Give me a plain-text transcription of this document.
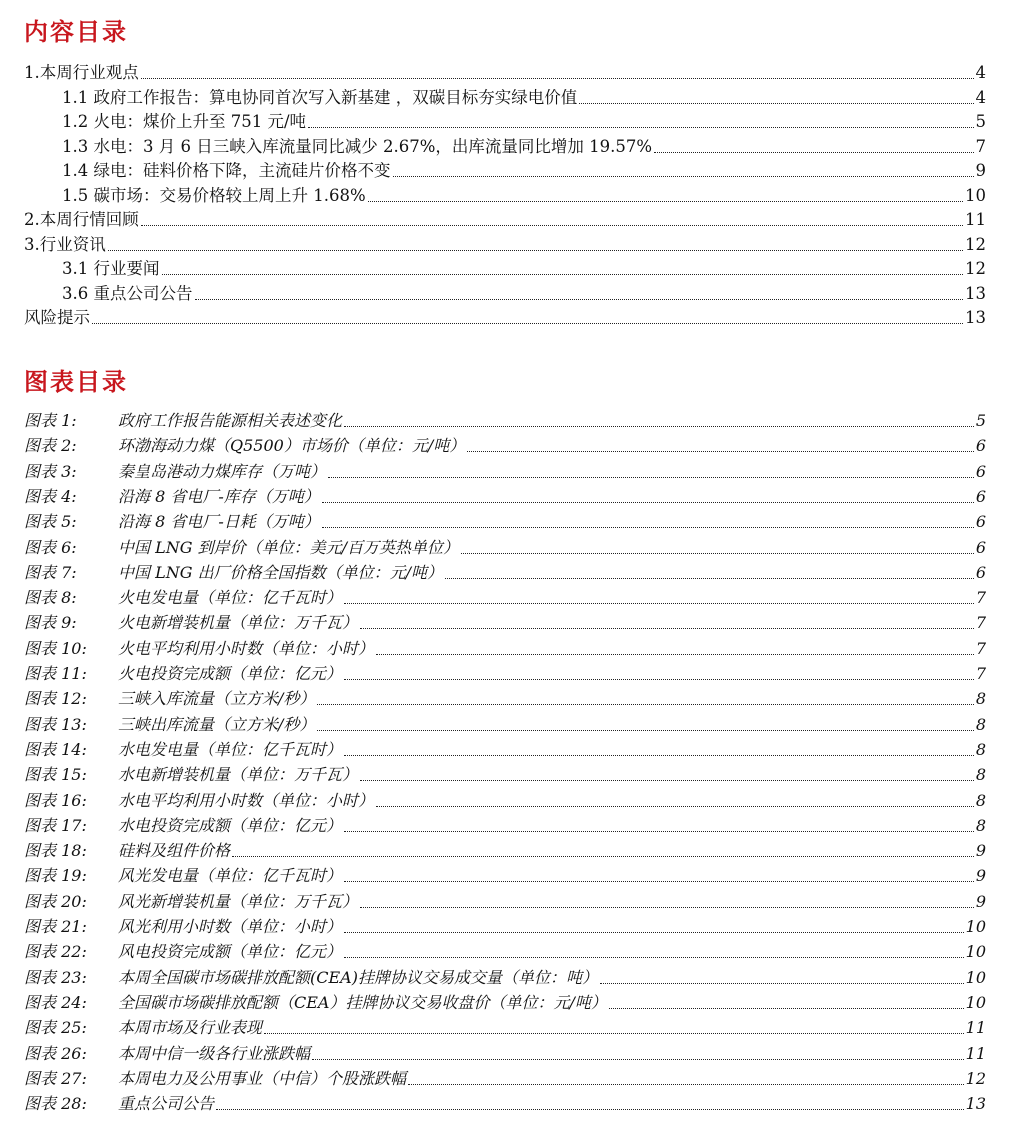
内容目录
1.本周行业观点	4
1.1 政府工作报告：算电协同首次写入新基建 ，双碳目标夯实绿电价值	4
1.2 火电：煤价上升至 751 元/吨	5
1.3 水电：3 月 6 日三峡入库流量同比减少 2.67%，出库流量同比增加 19.57%	7
1.4 绿电：硅料价格下降，主流硅片价格不变	9
1.5 碳市场：交易价格较上周上升 1.68%	10
2.本周行情回顾	11
3.行业资讯	12
3.1 行业要闻	12
3.6 重点公司公告	13
风险提示	13
图表目录
图表 1:	政府工作报告能源相关表述变化	5
图表 2:	环渤海动力煤（Q5500）市场价（单位：元/吨）	6
图表 3:	秦皇岛港动力煤库存（万吨）	6
图表 4:	沿海 8 省电厂-库存（万吨）	6
图表 5:	沿海 8 省电厂-日耗（万吨）	6
图表 6:	中国 LNG 到岸价（单位：美元/百万英热单位）	6
图表 7:	中国 LNG 出厂价格全国指数（单位：元/吨）	6
图表 8:	火电发电量（单位：亿千瓦时）	7
图表 9:	火电新增装机量（单位：万千瓦）	7
图表 10: 火电平均利用小时数（单位：小时）	7
图表 11: 火电投资完成额（单位：亿元）	7
图表 12: 三峡入库流量（立方米/秒）	8
图表 13: 三峡出库流量（立方米/秒）	8
图表 14: 水电发电量（单位：亿千瓦时）	8
图表 15: 水电新增装机量（单位：万千瓦）	8
图表 16: 水电平均利用小时数（单位：小时）	8
图表 17: 水电投资完成额（单位：亿元）	8
图表 18: 硅料及组件价格	9
图表 19: 风光发电量（单位：亿千瓦时）	9
图表 20: 风光新增装机量（单位：万千瓦）	9
图表 21: 风光利用小时数（单位：小时）	10
图表 22: 风电投资完成额（单位：亿元）	10
图表 23: 本周全国碳市场碳排放配额(CEA)挂牌协议交易成交量（单位：吨）	10
图表 24: 全国碳市场碳排放配额（CEA）挂牌协议交易收盘价（单位：元/吨）	10
图表 25: 本周市场及行业表现	11
图表 26: 本周中信一级各行业涨跌幅	11
图表 27: 本周电力及公用事业（中信）个股涨跌幅	12
图表 28: 重点公司公告	13
